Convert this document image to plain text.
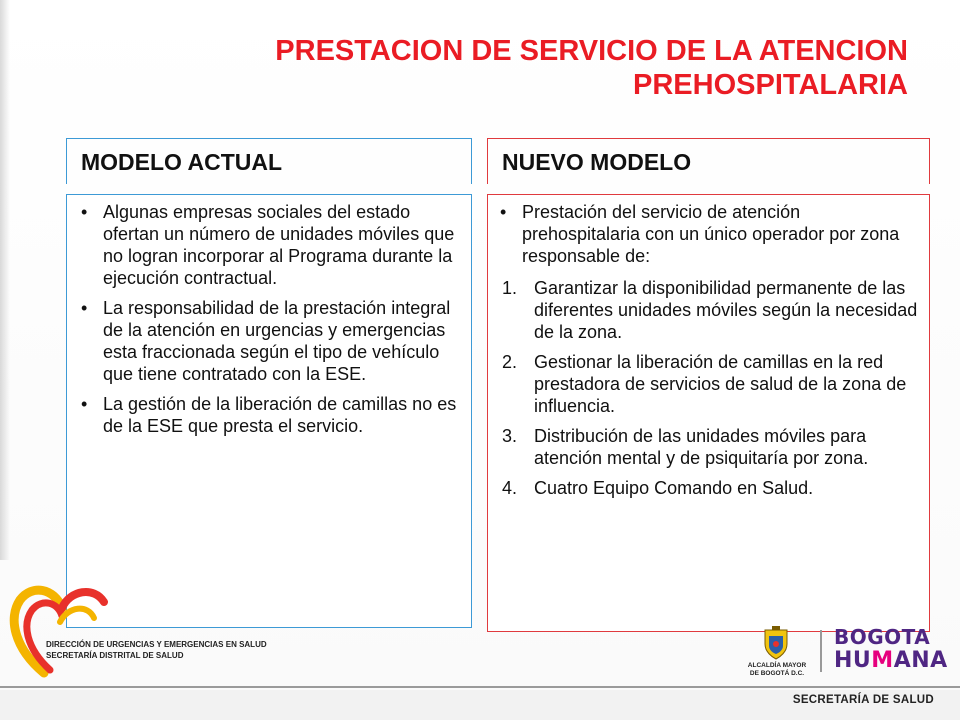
PRESTACION DE SERVICIO DE LA ATENCION
PREHOSPITALARIA
MODELO ACTUAL
• Algunas empresas sociales del estado ofertan un número de unidades móviles que no logran incorporar al Programa durante la ejecución contractual.
• La responsabilidad de la prestación integral de la atención en urgencias y emergencias esta fraccionada según el tipo de vehículo que tiene contratado con la ESE.
• La gestión de la liberación de camillas no es de la ESE que presta el servicio.
NUEVO MODELO
• Prestación del servicio de atención prehospitalaria con un único operador por zona responsable de:
1. Garantizar la disponibilidad permanente de las diferentes unidades móviles según la necesidad de la zona.
2. Gestionar la liberación de camillas en la red prestadora de servicios de salud de la zona de influencia.
3. Distribución de las unidades móviles para atención mental y de psiquitaría por zona.
4. Cuatro Equipo Comando en Salud.
DIRECCIÓN DE URGENCIAS Y EMERGENCIAS EN SALUD
SECRETARÍA DISTRITAL DE SALUD
ALCALDÍA MAYOR
DE BOGOTÁ D.C.
BOGOTA
HUMANA
SECRETARÍA DE SALUD
